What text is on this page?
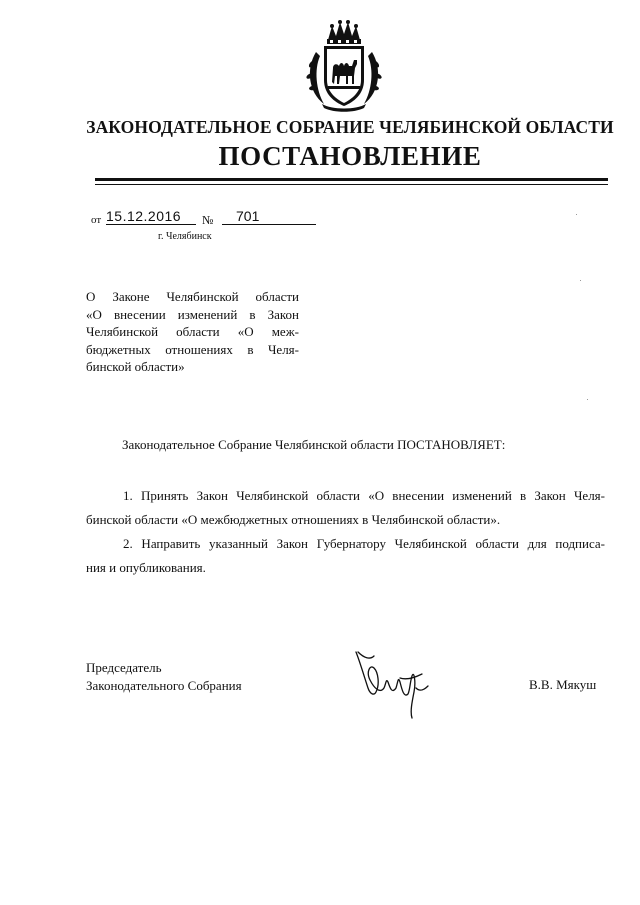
ЗАКОНОДАТЕЛЬНОЕ СОБРАНИЕ ЧЕЛЯБИНСКОЙ ОБЛАСТИ
ПОСТАНОВЛЕНИЕ
от 15.12.2016	№	701
г. Челябинск
О Законе Челябинской области
«О внесении изменений в Закон
Челябинской области «О меж-
бюджетных отношениях в Челя-
бинской области»
Законодательное Собрание Челябинской области ПОСТАНОВЛЯЕТ:
1. Принять Закон Челябинской области «О внесении изменений в Закон Челя-
бинской области «О межбюджетных отношениях в Челябинской области».
2. Направить указанный Закон Губернатору Челябинской области для подписа-
ния и опубликования.
Председатель
Законодательного Собрания	В.В. Мякуш
